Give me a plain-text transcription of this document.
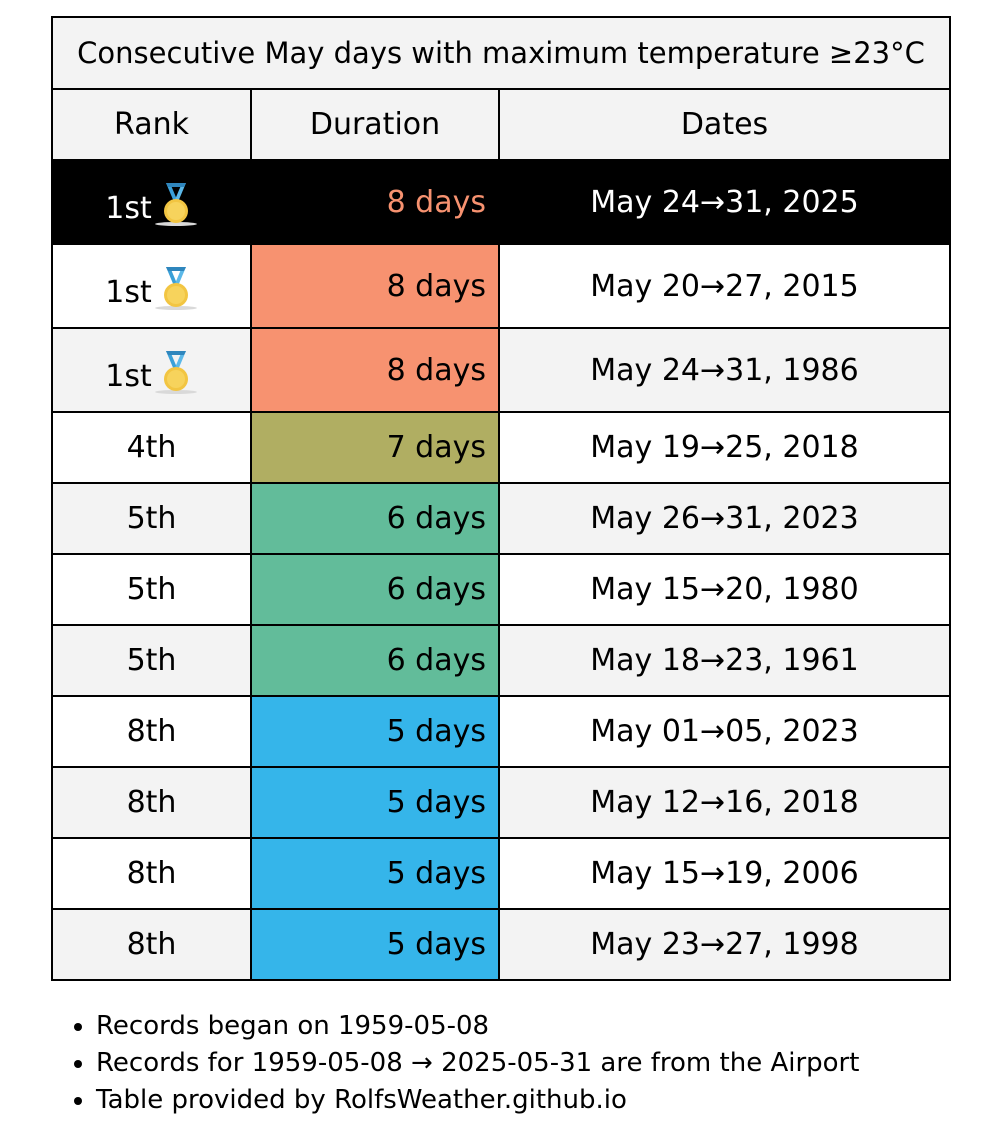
Consecutive May days with maximum temperature ≥23°C		
Rank	Duration	Dates
1st	8 days	May 24→31, 2025
1st	8 days	May 20→27, 2015
1st	8 days	May 24→31, 1986
4th	7 days	May 19→25, 2018
5th	6 days	May 26→31, 2023
5th	6 days	May 15→20, 1980
5th	6 days	May 18→23, 1961
8th	5 days	May 01→05, 2023
8th	5 days	May 12→16, 2018
8th	5 days	May 15→19, 2006
8th	5 days	May 23→27, 1998
• Records began on 1959-05-08
• Records for 1959-05-08 → 2025-05-31 are from the Airport
• Table provided by RolfsWeather.github.io
